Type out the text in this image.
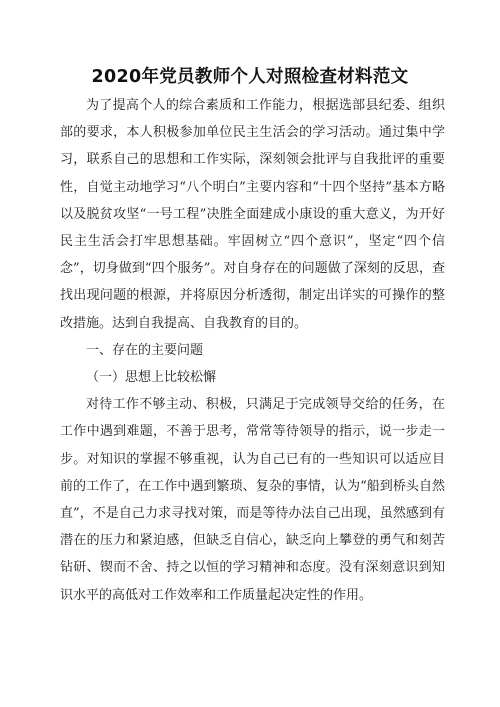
2020年党员教师个人对照检查材料范文

为了提高个人的综合素质和工作能力，根据选部县纪委、组织部的要求，本人积极参加单位民主生活会的学习活动。通过集中学习，联系自己的思想和工作实际，深刻领会批评与自我批评的重要性，自觉主动地学习“八个明白”主要内容和“十四个坚持”基本方略以及脱贫攻坚“一号工程”决胜全面建成小康设的重大意义，为开好民主生活会打牢思想基础。牢固树立“四个意识”，坚定“四个信念”，切身做到“四个服务”。对自身存在的问题做了深刻的反思，查找出现问题的根源，并将原因分析透彻，制定出详实的可操作的整改措施。达到自我提高、自我教育的目的。

一、存在的主要问题

（一）思想上比较松懈

对待工作不够主动、积极，只满足于完成领导交给的任务，在工作中遇到难题，不善于思考，常常等待领导的指示，说一步走一步。对知识的掌握不够重视，认为自己已有的一些知识可以适应目前的工作了，在工作中遇到繁琐、复杂的事情，认为“船到桥头自然直”，不是自己力求寻找对策，而是等待办法自己出现，虽然感到有潜在的压力和紧迫感，但缺乏自信心，缺乏向上攀登的勇气和刻苦钻研、锲而不舍、持之以恒的学习精神和态度。没有深刻意识到知识水平的高低对工作效率和工作质量起决定性的作用。
